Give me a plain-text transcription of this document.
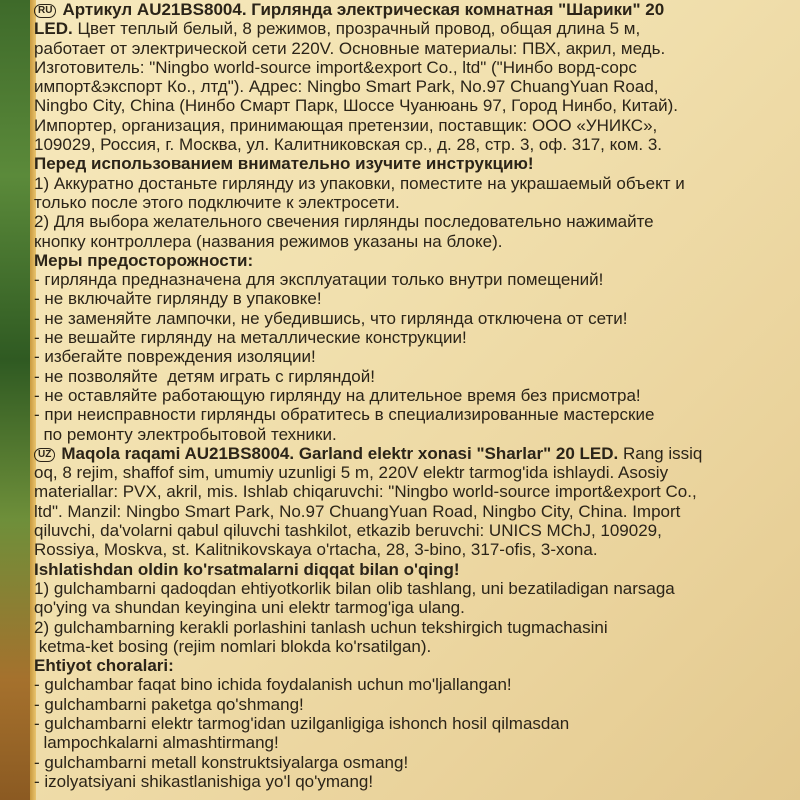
RU Артикул AU21BS8004. Гирлянда электрическая комнатная "Шарики" 20
LED. Цвет теплый белый, 8 режимов, прозрачный провод, общая длина 5 м,
работает от электрической сети 220V. Основные материалы: ПВХ, акрил, медь.
Изготовитель: "Ningbo world-source import&export Co., ltd" ("Нинбо ворд-сорс
импорт&экспорт Ко., лтд"). Адрес: Ningbo Smart Park, No.97 ChuangYuan Road,
Ningbo City, China (Нинбо Смарт Парк, Шоссе Чуанюань 97, Город Нинбо, Китай).
Импортер, организация, принимающая претензии, поставщик: ООО «УНИКС»,
109029, Россия, г. Москва, ул. Калитниковская ср., д. 28, стр. 3, оф. 317, ком. 3.
Перед использованием внимательно изучите инструкцию!
1) Аккуратно достаньте гирлянду из упаковки, поместите на украшаемый объект и
только после этого подключите к электросети.
2) Для выбора желательного свечения гирлянды последовательно нажимайте
кнопку контроллера (названия режимов указаны на блоке).
Меры предосторожности:
- гирлянда предназначена для эксплуатации только внутри помещений!
- не включайте гирлянду в упаковке!
- не заменяйте лампочки, не убедившись, что гирлянда отключена от сети!
- не вешайте гирлянду на металлические конструкции!
- избегайте повреждения изоляции!
- не позволяйте  детям играть с гирляндой!
- не оставляйте работающую гирлянду на длительное время без присмотра!
- при неисправности гирлянды обратитесь в специализированные мастерские
по ремонту электробытовой техники.
UZ Maqola raqami AU21BS8004. Garland elektr xonasi "Sharlar" 20 LED. Rang issiq
oq, 8 rejim, shaffof sim, umumiy uzunligi 5 m, 220V elektr tarmog'ida ishlaydi. Asosiy
materiallar: PVX, akril, mis. Ishlab chiqaruvchi: "Ningbo world-source import&export Co.,
ltd". Manzil: Ningbo Smart Park, No.97 ChuangYuan Road, Ningbo City, China. Import
qiluvchi, da'volarni qabul qiluvchi tashkilot, etkazib beruvchi: UNICS MChJ, 109029,
Rossiya, Moskva, st. Kalitnikovskaya o'rtacha, 28, 3-bino, 317-ofis, 3-xona.
Ishlatishdan oldin ko'rsatmalarni diqqat bilan o'qing!
1) gulchambarni qadoqdan ehtiyotkorlik bilan olib tashlang, uni bezatiladigan narsaga
qo'ying va shundan keyingina uni elektr tarmog'iga ulang.
2) gulchambarning kerakli porlashini tanlash uchun tekshirgich tugmachasini
ketma-ket bosing (rejim nomlari blokda ko'rsatilgan).
Ehtiyot choralari:
- gulchambar faqat bino ichida foydalanish uchun mo'ljallangan!
- gulchambarni paketga qo'shmang!
- gulchambarni elektr tarmog'idan uzilganligiga ishonch hosil qilmasdan
lampochkalarni almashtirmang!
- gulchambarni metall konstruktsiyalarga osmang!
- izolyatsiyani shikastlanishiga yo'l qo'ymang!
